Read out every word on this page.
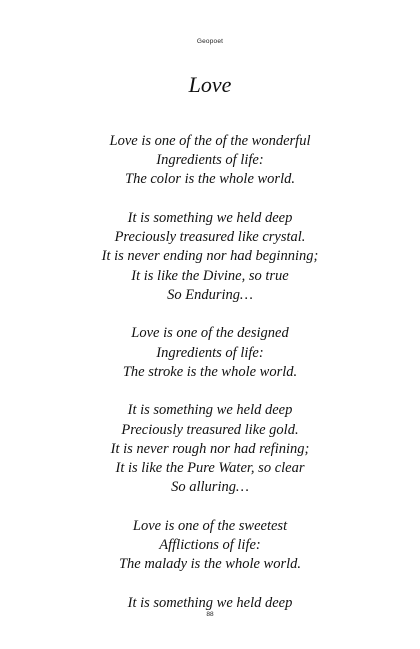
Geopoet
Love
Love is one of the of the wonderful
Ingredients of life:
The color is the whole world.
It is something we held deep
Preciously treasured like crystal.
It is never ending nor had beginning;
It is like the Divine, so true
So Enduring…
Love is one of the designed
Ingredients of life:
The stroke is the whole world.
It is something we held deep
Preciously treasured like gold.
It is never rough nor had refining;
It is like the Pure Water, so clear
So alluring…
Love is one of the sweetest
Afflictions of life:
The malady is the whole world.
It is something we held deep
88
